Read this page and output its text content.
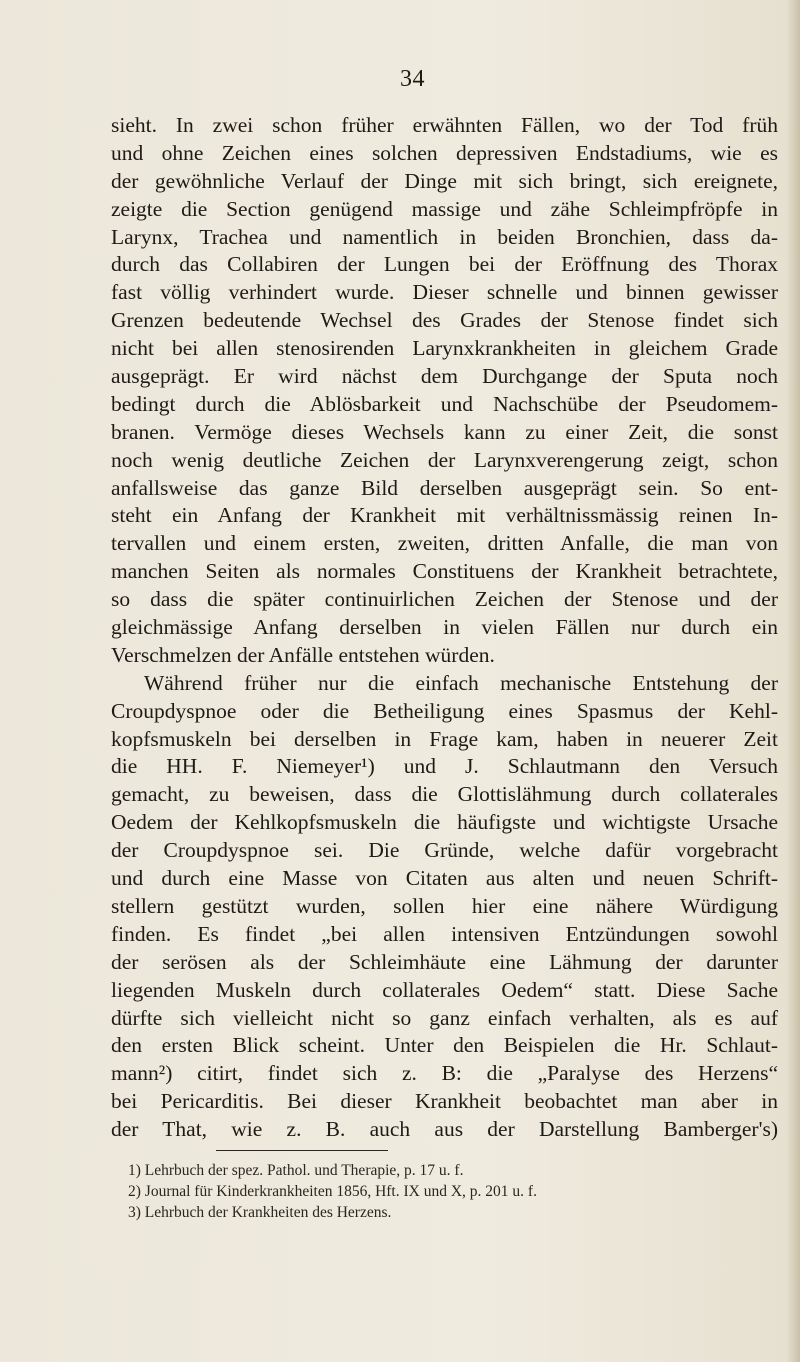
34
sieht. In zwei schon früher erwähnten Fällen, wo der Tod früh
und ohne Zeichen eines solchen depressiven Endstadiums, wie es
der gewöhnliche Verlauf der Dinge mit sich bringt, sich ereignete,
zeigte die Section genügend massige und zähe Schleimpfröpfe in
Larynx, Trachea und namentlich in beiden Bronchien, dass da-
durch das Collabiren der Lungen bei der Eröffnung des Thorax
fast völlig verhindert wurde. Dieser schnelle und binnen gewisser
Grenzen bedeutende Wechsel des Grades der Stenose findet sich
nicht bei allen stenosirenden Larynxkrankheiten in gleichem Grade
ausgeprägt. Er wird nächst dem Durchgange der Sputa noch
bedingt durch die Ablösbarkeit und Nachschübe der Pseudomem-
branen. Vermöge dieses Wechsels kann zu einer Zeit, die sonst
noch wenig deutliche Zeichen der Larynxverengerung zeigt, schon
anfallsweise das ganze Bild derselben ausgeprägt sein. So ent-
steht ein Anfang der Krankheit mit verhältnissmässig reinen In-
tervallen und einem ersten, zweiten, dritten Anfalle, die man von
manchen Seiten als normales Constituens der Krankheit betrachtete,
so dass die später continuirlichen Zeichen der Stenose und der
gleichmässige Anfang derselben in vielen Fällen nur durch ein
Verschmelzen der Anfälle entstehen würden.
Während früher nur die einfach mechanische Entstehung der
Croupdyspnoe oder die Betheiligung eines Spasmus der Kehl-
kopfsmuskeln bei derselben in Frage kam, haben in neuerer Zeit
die HH. F. Niemeyer¹) und J. Schlautmann den Versuch
gemacht, zu beweisen, dass die Glottislähmung durch collaterales
Oedem der Kehlkopfsmuskeln die häufigste und wichtigste Ursache
der Croupdyspnoe sei. Die Gründe, welche dafür vorgebracht
und durch eine Masse von Citaten aus alten und neuen Schrift-
stellern gestützt wurden, sollen hier eine nähere Würdigung
finden. Es findet „bei allen intensiven Entzündungen sowohl
der serösen als der Schleimhäute eine Lähmung der darunter
liegenden Muskeln durch collaterales Oedem“ statt. Diese Sache
dürfte sich vielleicht nicht so ganz einfach verhalten, als es auf
den ersten Blick scheint. Unter den Beispielen die Hr. Schlaut-
mann²) citirt, findet sich z. B: die „Paralyse des Herzens“
bei Pericarditis. Bei dieser Krankheit beobachtet man aber in
der That, wie z. B. auch aus der Darstellung Bamberger's)
1) Lehrbuch der spez. Pathol. und Therapie, p. 17 u. f.
2) Journal für Kinderkrankheiten 1856, Hft. IX und X, p. 201 u. f.
3) Lehrbuch der Krankheiten des Herzens.
